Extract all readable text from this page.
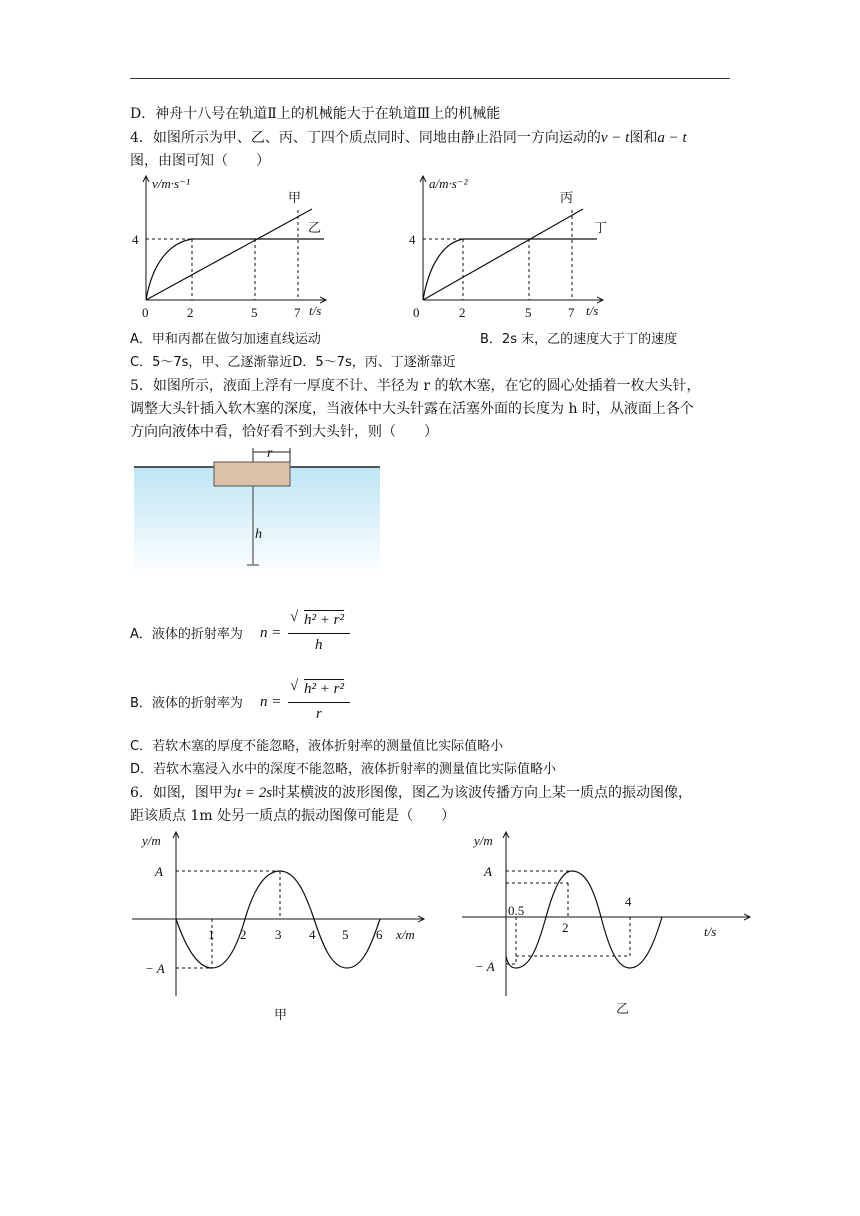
D．神舟十八号在轨道Ⅱ上的机械能大于在轨道Ⅲ上的机械能
4．如图所示为甲、乙、丙、丁四个质点同时、同地由静止沿同一方向运动的v − t图和a − t
图，由图可知（　　）
v/m·s⁻¹
4
0	2	5	7 t/s
甲
乙
a/m·s⁻²
4
0	2	5	7 t/s
丙
丁
A．甲和丙都在做匀加速直线运动	B．2s 末，乙的速度大于丁的速度
C．5～7s，甲、乙逐渐靠近D．5～7s，丙、丁逐渐靠近
5．如图所示，液面上浮有一厚度不计、半径为 r 的软木塞，在它的圆心处插着一枚大头针，
调整大头针插入软木塞的深度，当液体中大头针露在活塞外面的长度为 h 时，从液面上各个
方向向液体中看，恰好看不到大头针，则（　　）
r
h
A．液体的折射率为 n =
√ h² + r²
h
B．液体的折射率为 n =
√ h² + r²
r
C．若软木塞的厚度不能忽略，液体折射率的测量值比实际值略小
D．若软木塞浸入水中的深度不能忽略，液体折射率的测量值比实际值略小
6．如图，图甲为t = 2s时某横波的波形图像，图乙为该波传播方向上某一质点的振动图像，
距该质点 1m 处另一质点的振动图像可能是（　　）
y/m
A
− A
1 2 3 4 5 6 x/m
甲
y/m
A
− A
0.5
2
4
t/s
乙
